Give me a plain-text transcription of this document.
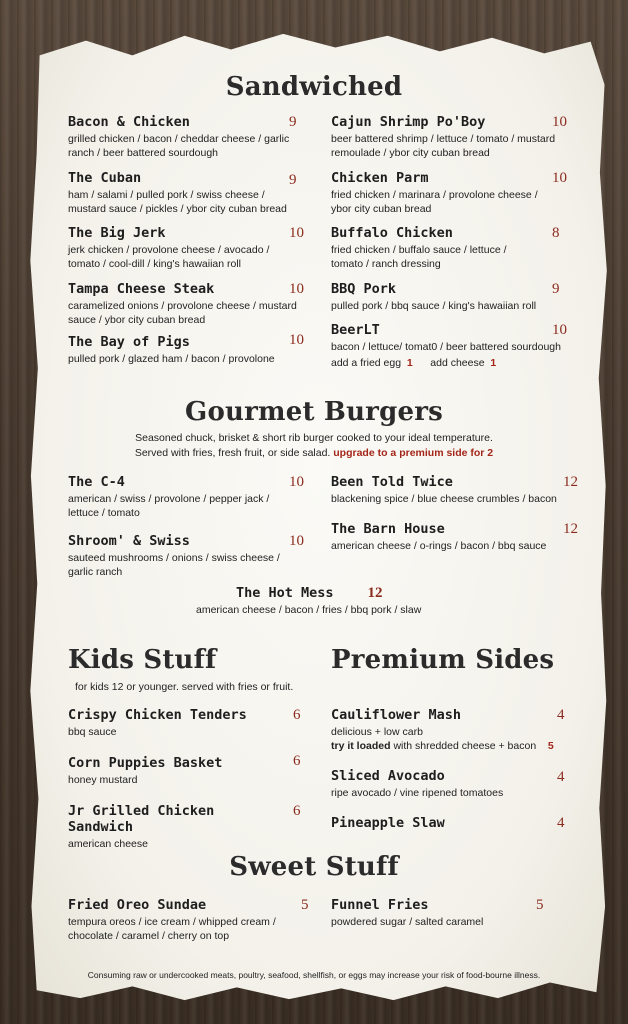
Sandwiched
Bacon & Chicken
grilled chicken / bacon / cheddar cheese / garlic
ranch / beer battered sourdough
9
The Cuban
ham / salami / pulled pork / swiss cheese /
mustard sauce / pickles / ybor city cuban bread
9
The Big Jerk
jerk chicken / provolone cheese / avocado /
tomato / cool-dill / king's hawaiian roll
10
Tampa Cheese Steak
caramelized onions / provolone cheese / mustard
sauce / ybor city cuban bread
10
The Bay of Pigs
pulled pork / glazed ham / bacon / provolone
10
Cajun Shrimp Po'Boy
beer battered shrimp / lettuce / tomato / mustard
remoulade / ybor city cuban bread
10
Chicken Parm
fried chicken / marinara / provolone cheese /
ybor city cuban bread
10
Buffalo Chicken
fried chicken / buffalo sauce / lettuce /
tomato / ranch dressing
8
BBQ Pork
pulled pork / bbq sauce / king's hawaiian roll
9
BeerLT
bacon / lettuce/ tomat0 / beer battered sourdough
add a fried egg 1 add cheese 1
10
Gourmet Burgers
Seasoned chuck, brisket & short rib burger cooked to your ideal temperature.
Served with fries, fresh fruit, or side salad. upgrade to a premium side for 2
The C-4
american / swiss / provolone / pepper jack /
lettuce / tomato
10
Shroom' & Swiss
sauteed mushrooms / onions / swiss cheese /
garlic ranch
10
Been Told Twice
blackening spice / blue cheese crumbles / bacon
12
The Barn House
american cheese / o-rings / bacon / bbq sauce
12
The Hot Mess 12
american cheese / bacon / fries / bbq pork / slaw
Kids Stuff
for kids 12 or younger. served with fries or fruit.
Crispy Chicken Tenders
bbq sauce
6
Corn Puppies Basket
honey mustard
6
Jr Grilled Chicken
Sandwich
american cheese
6
Premium Sides
Cauliflower Mash
delicious + low carb
try it loaded with shredded cheese + bacon 5
4
Sliced Avocado
ripe avocado / vine ripened tomatoes
4
Pineapple Slaw	4
Sweet Stuff
Fried Oreo Sundae
tempura oreos / ice cream / whipped cream /
chocolate / caramel / cherry on top
5 Funnel Fries
powdered sugar / salted caramel
5
Consuming raw or undercooked meats, poultry, seafood, shellfish, or eggs may increase your risk of food-bourne illness.
